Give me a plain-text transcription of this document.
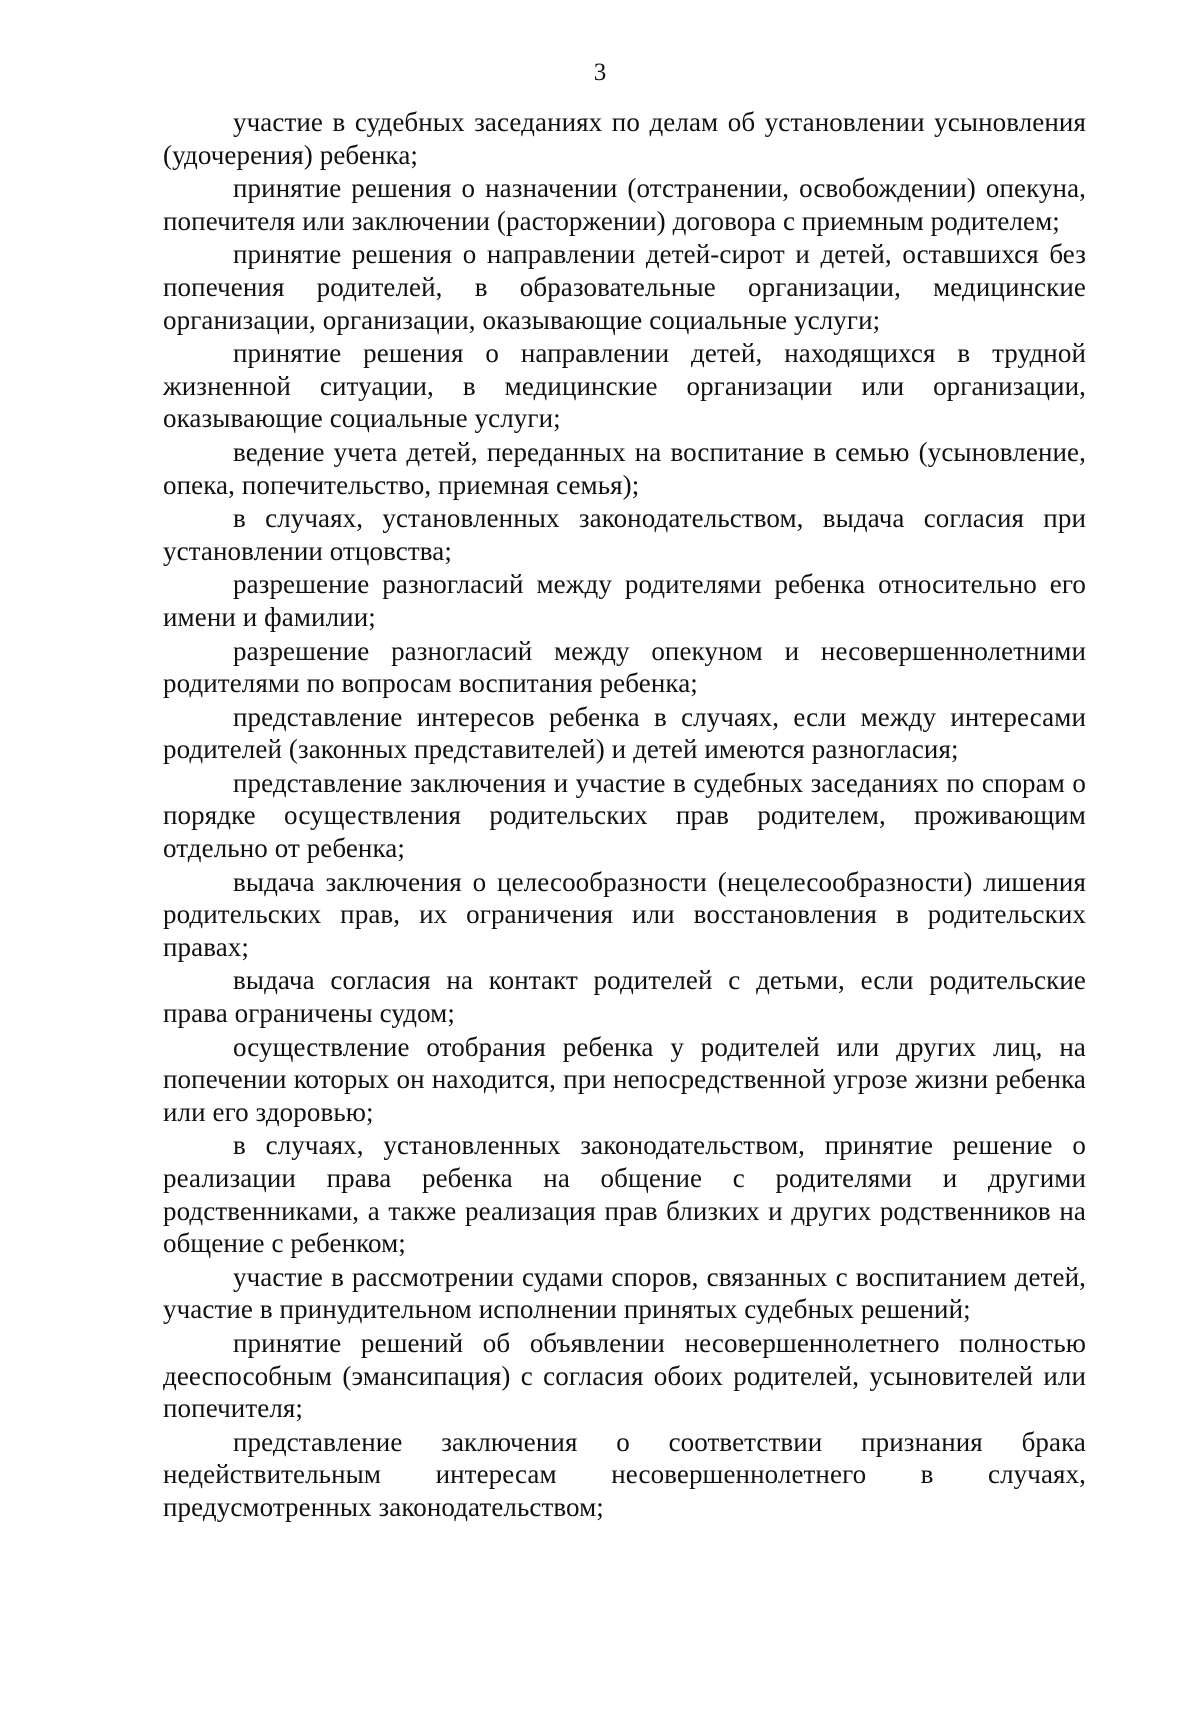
3

участие в судебных заседаниях по делам об установлении усыновления (удочерения) ребенка;

принятие решения о назначении (отстранении, освобождении) опекуна, попечителя или заключении (расторжении) договора с приемным родителем;

принятие решения о направлении детей-сирот и детей, оставшихся без попечения родителей, в образовательные организации, медицинские организации, организации, оказывающие социальные услуги;

принятие решения о направлении детей, находящихся в трудной жизненной ситуации, в медицинские организации или организации, оказывающие социальные услуги;

ведение учета детей, переданных на воспитание в семью (усыновление, опека, попечительство, приемная семья);

в случаях, установленных законодательством, выдача согласия при установлении отцовства;

разрешение разногласий между родителями ребенка относительно его имени и фамилии;

разрешение разногласий между опекуном и несовершеннолетними родителями по вопросам воспитания ребенка;

представление интересов ребенка в случаях, если между интересами родителей (законных представителей) и детей имеются разногласия;

представление заключения и участие в судебных заседаниях по спорам о порядке осуществления родительских прав родителем, проживающим отдельно от ребенка;

выдача заключения о целесообразности (нецелесообразности) лишения родительских прав, их ограничения или восстановления в родительских правах;

выдача согласия на контакт родителей с детьми, если родительские права ограничены судом;

осуществление отобрания ребенка у родителей или других лиц, на попечении которых он находится, при непосредственной угрозе жизни ребенка или его здоровью;

в случаях, установленных законодательством, принятие решение о реализации права ребенка на общение с родителями и другими родственниками, а также реализация прав близких и других родственников на общение с ребенком;

участие в рассмотрении судами споров, связанных с воспитанием детей, участие в принудительном исполнении принятых судебных решений;

принятие решений об объявлении несовершеннолетнего полностью дееспособным (эмансипация) с согласия обоих родителей, усыновителей или попечителя;

представление заключения о соответствии признания брака недействительным интересам несовершеннолетнего в случаях, предусмотренных законодательством;
